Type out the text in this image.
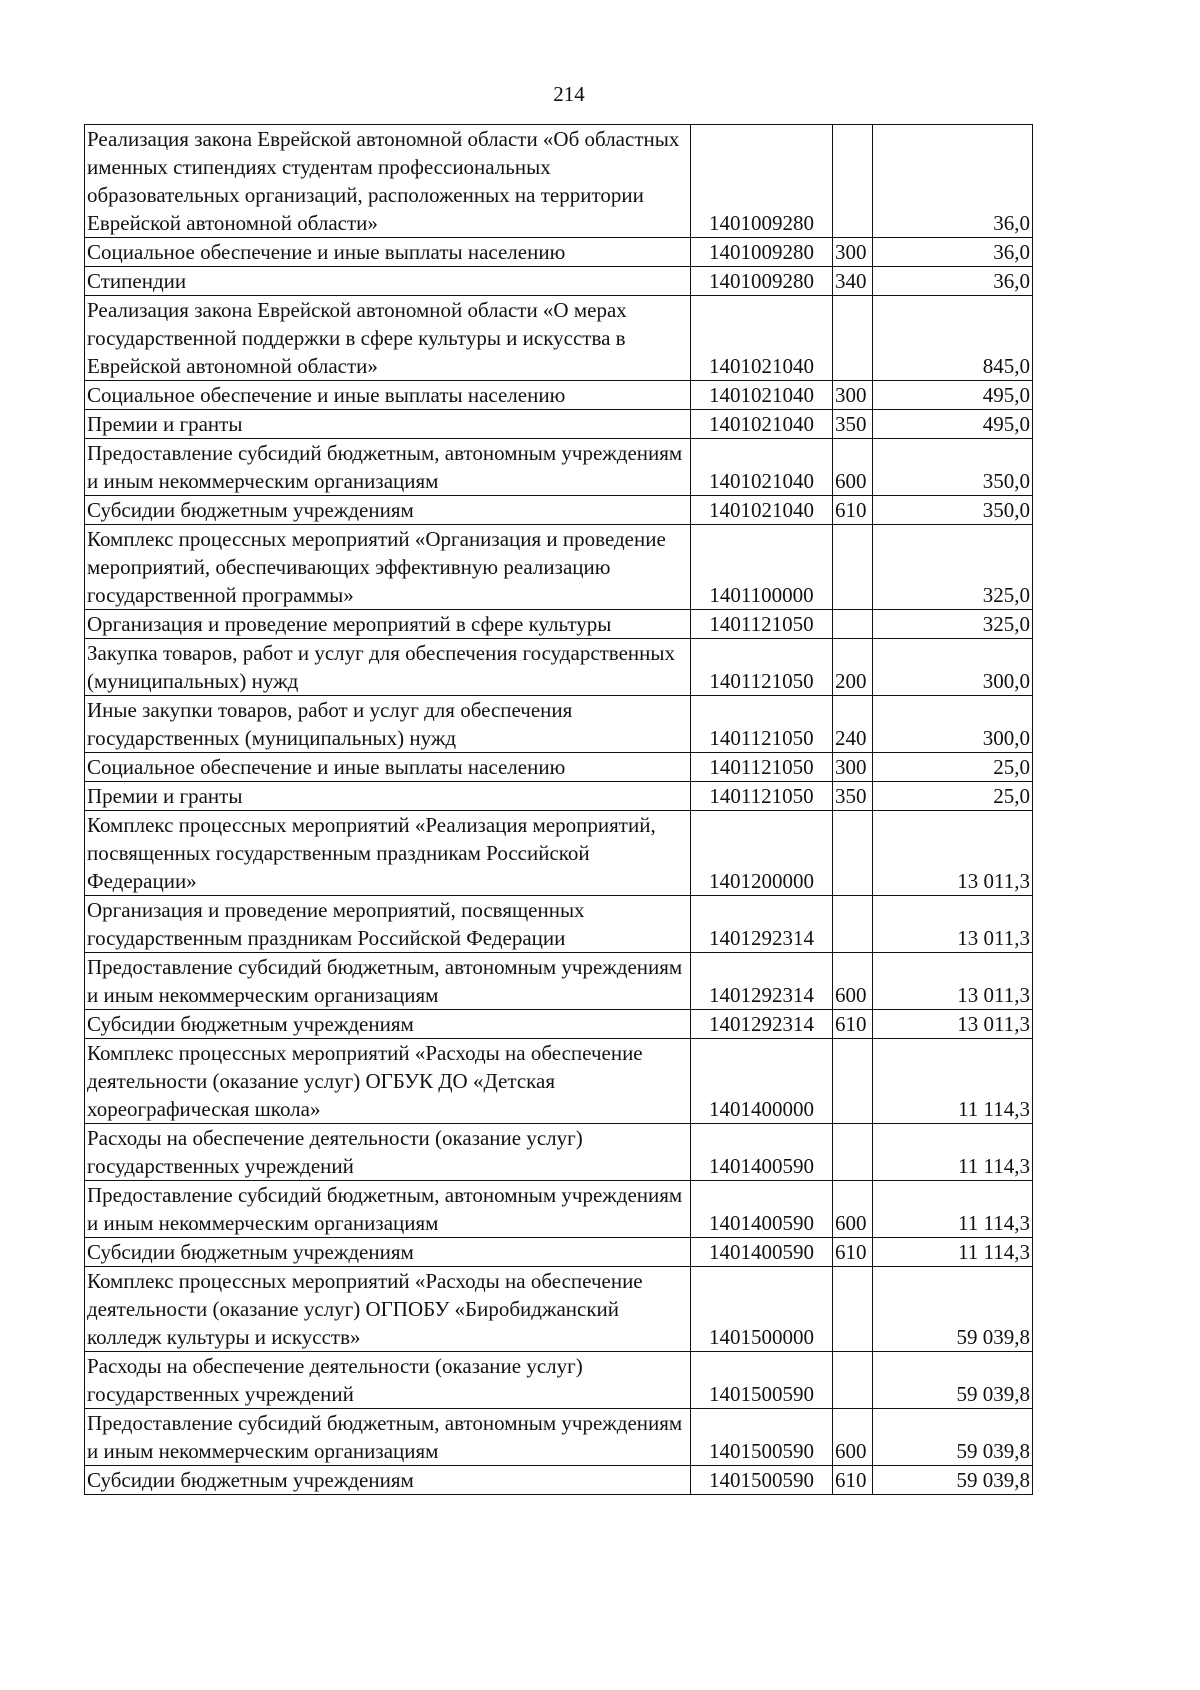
214
Реализация закона Еврейской автономной области «Об областных именных стипендиях студентам профессиональных образовательных организаций, расположенных на территории Еврейской автономной области»	1401009280		36,0
Социальное обеспечение и иные выплаты населению	1401009280	300	36,0
Стипендии	1401009280	340	36,0
Реализация закона Еврейской автономной области «О мерах государственной поддержки в сфере культуры и искусства в Еврейской автономной области»	1401021040		845,0
Социальное обеспечение и иные выплаты населению	1401021040	300	495,0
Премии и гранты	1401021040	350	495,0
Предоставление субсидий бюджетным, автономным учреждениям и иным некоммерческим организациям	1401021040	600	350,0
Субсидии бюджетным учреждениям	1401021040	610	350,0
Комплекс процессных мероприятий «Организация и проведение мероприятий, обеспечивающих эффективную реализацию государственной программы»	1401100000		325,0
Организация и проведение мероприятий в сфере культуры	1401121050		325,0
Закупка товаров, работ и услуг для обеспечения государственных (муниципальных) нужд	1401121050	200	300,0
Иные закупки товаров, работ и услуг для обеспечения государственных (муниципальных) нужд	1401121050	240	300,0
Социальное обеспечение и иные выплаты населению	1401121050	300	25,0
Премии и гранты	1401121050	350	25,0
Комплекс процессных мероприятий «Реализация мероприятий, посвященных государственным праздникам Российской Федерации»	1401200000		13 011,3
Организация и проведение мероприятий, посвященных государственным праздникам Российской Федерации	1401292314		13 011,3
Предоставление субсидий бюджетным, автономным учреждениям и иным некоммерческим организациям	1401292314	600	13 011,3
Субсидии бюджетным учреждениям	1401292314	610	13 011,3
Комплекс процессных мероприятий «Расходы на обеспечение деятельности (оказание услуг) ОГБУК ДО «Детская хореографическая школа»	1401400000		11 114,3
Расходы на обеспечение деятельности (оказание услуг) государственных учреждений	1401400590		11 114,3
Предоставление субсидий бюджетным, автономным учреждениям и иным некоммерческим организациям	1401400590	600	11 114,3
Субсидии бюджетным учреждениям	1401400590	610	11 114,3
Комплекс процессных мероприятий «Расходы на обеспечение деятельности (оказание услуг) ОГПОБУ «Биробиджанский колледж культуры и искусств»	1401500000		59 039,8
Расходы на обеспечение деятельности (оказание услуг) государственных учреждений	1401500590		59 039,8
Предоставление субсидий бюджетным, автономным учреждениям и иным некоммерческим организациям	1401500590	600	59 039,8
Субсидии бюджетным учреждениям	1401500590	610	59 039,8
